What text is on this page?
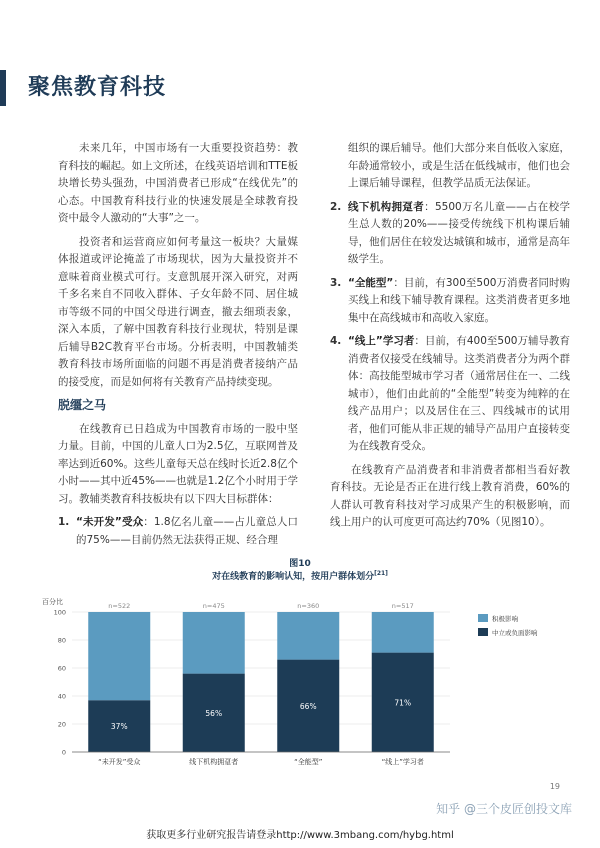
聚焦教育科技

未来几年，中国市场有一大重要投资趋势：教育科技的崛起。如上文所述，在线英语培训和TTE板块增长势头强劲，中国消费者已形成“在线优先”的心态。中国教育科技行业的快速发展是全球教育投资中最令人激动的“大事”之一。

投资者和运营商应如何考量这一板块？大量媒体报道或评论掩盖了市场现状，因为大量投资并不意味着商业模式可行。支意凯展开深入研究，对两千多名来自不同收入群体、子女年龄不同、居住城市等级不同的中国父母进行调查，撤去细琐表象，深入本质，了解中国教育科技行业现状，特别是课后辅导B2C教育平台市场。分析表明，中国教辅类教育科技市场所面临的问题不再是消费者接纳产品的接受度，而是如何将有关教育产品持续变现。

脱缰之马

在线教育已日趋成为中国教育市场的一股中坚力量。目前，中国的儿童人口为2.5亿，互联网普及率达到近60%。这些儿童每天总在线时长近2.8亿个小时——其中近45%——也就是1.2亿个小时用于学习。教辅类教育科技板块有以下四大目标群体：

1. “未开发”受众：1.8亿名儿童——占儿童总人口的75%——目前仍然无法获得正规、经合理
组织的课后辅导。他们大部分来自低收入家庭，年龄通常较小，或是生活在低线城市，他们也会上课后辅导课程，但教学品质无法保证。
2. 线下机构拥趸者：5500万名儿童——占在校学生总人数的20%——接受传统线下机构课后辅导，他们居住在较发达城镇和城市，通常是高年级学生。
3. “全能型”：目前，有300至500万消费者同时购买线上和线下辅导教育课程。这类消费者更多地集中在高线城市和高收入家庭。
4. “线上”学习者：目前，有400至500万辅导教育消费者仅接受在线辅导。这类消费者分为两个群体：高技能型城市学习者（通常居住在一、二线城市），他们由此前的“全能型”转变为纯粹的在线产品用户；以及居住在三、四线城市的试用者，他们可能从非正规的辅导产品用户直接转变为在线教育受众。

在线教育产品消费者和非消费者都相当看好教育科技。无论是否正在进行线上教育消费，60%的人群认可教育科技对学习成果产生的积极影响，而线上用户的认可度更可高达约70%（见图10）。

图10
对在线教育的影响认知，按用户群体划分[21]
百分比
0
20
40
60
80
100
37%
n=522
“未开发”受众
56%
n=475
线下机构拥趸者
66%
n=360
“全能型”
71%
n=517
“线上”学习者
积极影响
中立或负面影响
19
知乎 @三个皮匠创投文库
获取更多行业研究报告请登录http://www.3mbang.com/hybg.html
